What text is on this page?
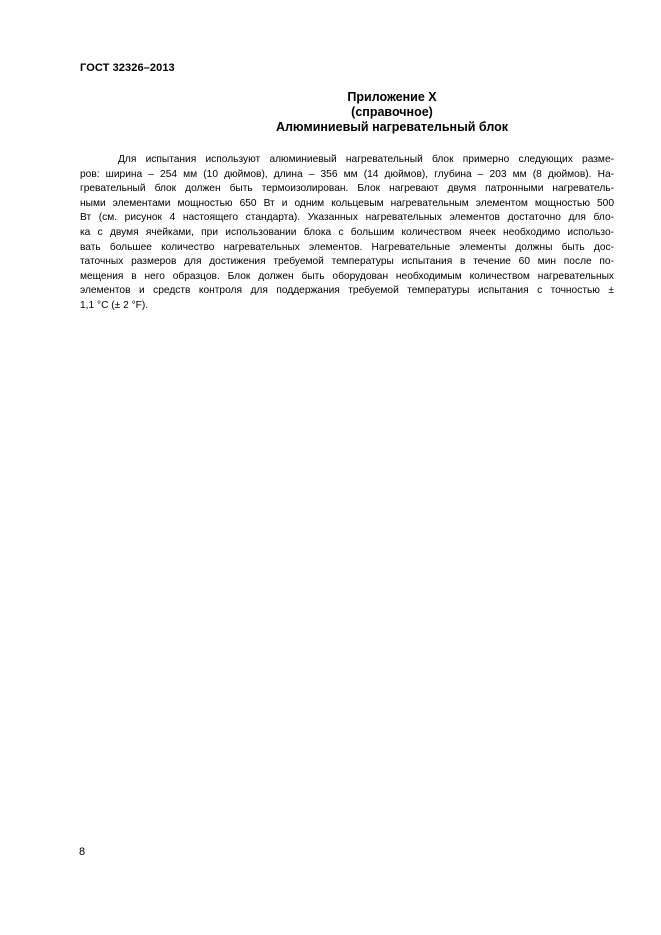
ГОСТ 32326–2013
Приложение X
(справочное)
Алюминиевый нагревательный блок
Для испытания используют алюминиевый нагревательный блок примерно следующих разме-
ров: ширина – 254 мм (10 дюймов), длина – 356 мм (14 дюймов), глубина – 203 мм (8 дюймов). На-
гревательный блок должен быть термоизолирован. Блок нагревают двумя патронными нагреватель-
ными элементами мощностью 650 Вт и одним кольцевым нагревательным элементом мощностью 500
Вт (см. рисунок 4 настоящего стандарта). Указанных нагревательных элементов достаточно для бло-
ка с двумя ячейками, при использовании блока с большим количеством ячеек необходимо использо-
вать большее количество нагревательных элементов. Нагревательные элементы должны быть дос-
таточных размеров для достижения требуемой температуры испытания в течение 60 мин после по-
мещения в него образцов. Блок должен быть оборудован необходимым количеством нагревательных
элементов и средств контроля для поддержания требуемой температуры испытания с точностью ±
1,1 °С (± 2 °F).
8
